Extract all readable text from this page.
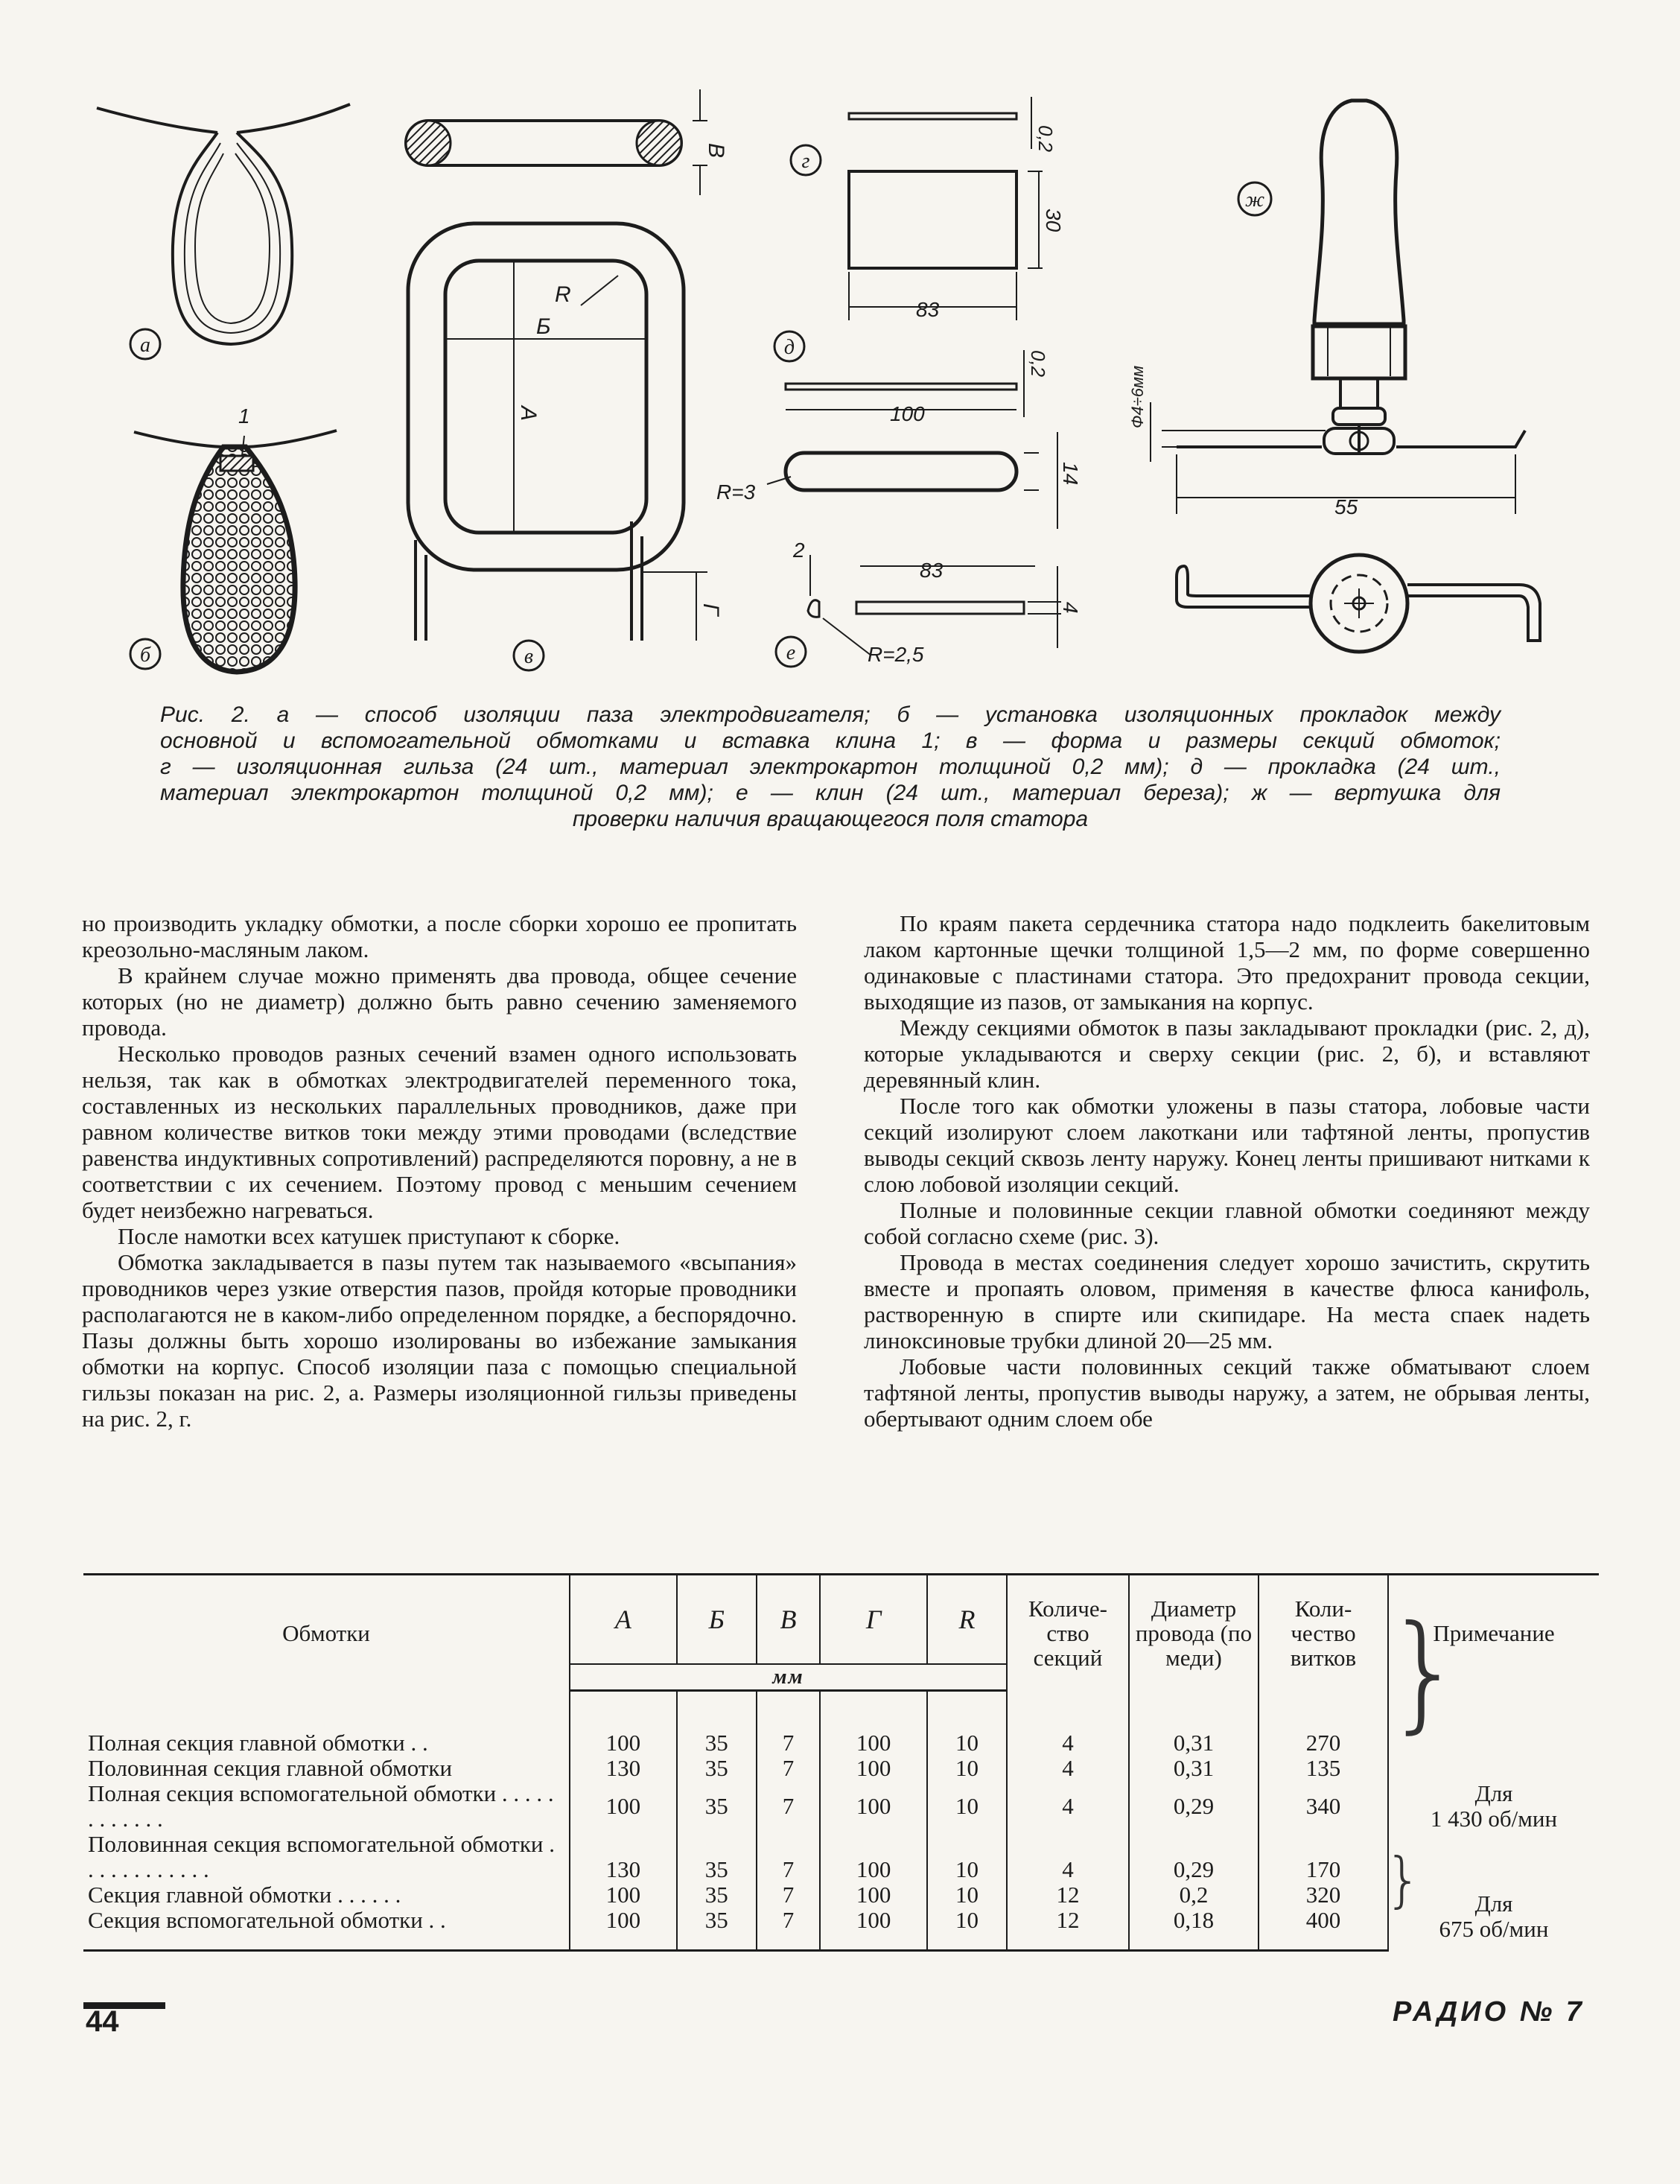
а
1
б
В
Б
А
R
Г
в
г
0,2
30
83
д
0,2
100
14
R=3
2
83
4
R=2,5
е
ж
Ф4÷6мм
55
Рис. 2. а — способ изоляции паза электродвигателя; б — установка изоляционных прокладок между
основной и вспомогательной обмотками и вставка клина 1; в — форма и размеры секций обмоток;
г — изоляционная гильза (24 шт., материал электрокартон толщиной 0,2 мм); д — прокладка (24 шт.,
материал электрокартон толщиной 0,2 мм); е — клин (24 шт., материал береза); ж — вертушка для
проверки наличия вращающегося поля статора

но производить укладку обмотки, а после сборки хорошо ее пропитать креозольно-масляным лаком.

В крайнем случае можно применять два провода, общее сечение которых (но не диаметр) должно быть равно сечению заменяемого провода.

Несколько проводов разных сечений взамен одного использовать нельзя, так как в обмотках электродвигателей переменного тока, составленных из нескольких параллельных проводников, даже при равном количестве витков токи между этими проводами (вследствие равенства индуктивных сопротивлений) распределяются поровну, а не в соответствии с их сечением. Поэтому провод с меньшим сечением будет неизбежно нагреваться.

После намотки всех катушек приступают к сборке.

Обмотка закладывается в пазы путем так называемого «всыпания» проводников через узкие отверстия пазов, пройдя которые проводники располагаются не в каком-либо определенном порядке, а беспорядочно. Пазы должны быть хорошо изолированы во избежание замыкания обмотки на корпус. Способ изоляции паза с помощью специальной гильзы показан на рис. 2, а. Размеры изоляционной гильзы приведены на рис. 2, г.

По краям пакета сердечника статора надо подклеить бакелитовым лаком картонные щечки толщиной 1,5—2 мм, по форме совершенно одинаковые с пластинами статора. Это предохранит провода секции, выходящие из пазов, от замыкания на корпус.

Между секциями обмоток в пазы закладывают прокладки (рис. 2, д), которые укладываются и сверху секции (рис. 2, б), и вставляют деревянный клин.

После того как обмотки уложены в пазы статора, лобовые части секций изолируют слоем лакоткани или тафтяной ленты, пропустив выводы секций сквозь ленту наружу. Конец ленты пришивают нитками к слою лобовой изоляции секций.

Полные и половинные секции главной обмотки соединяют между собой согласно схеме (рис. 3).

Провода в местах соединения следует хорошо зачистить, скрутить вместе и пропаять оловом, применяя в качестве флюса канифоль, растворенную в спирте или скипидаре. На места спаек надеть линоксиновые трубки длиной 20—25 мм.

Лобовые части половинных секций также обматывают слоем тафтяной ленты, пропустив выводы наружу, а затем, не обрывая ленты, обертывают одним слоем обе

Обмотки	А	Б	В	Г	R	Количе-ство секций	Диаметр провода (по меди)	Коли-чество витков	Примечание
	мм								

Полная секция главной обмотки . .	100	35	7	100	10	4	0,31	270	}
Для
1 430 об/мин

Половинная секция главной обмотки	130	35	7	100	10	4	0,31	135	
Полная секция вспомогательной обмотки . . . . . . . . . . . .	100	35	7	100	10	4	0,29	340	
Половинная секция вспомогательной обмотки . . . . . . . . . . . .	130	35	7	100	10	4	0,29	170	
Секция главной обмотки . . . . . .	100	35	7	100	10	12	0,2	320	} Для
675 об/мин

Секция вспомогательной обмотки . .	100	35	7	100	10	12	0,18	400	
44	РАДИО № 7
